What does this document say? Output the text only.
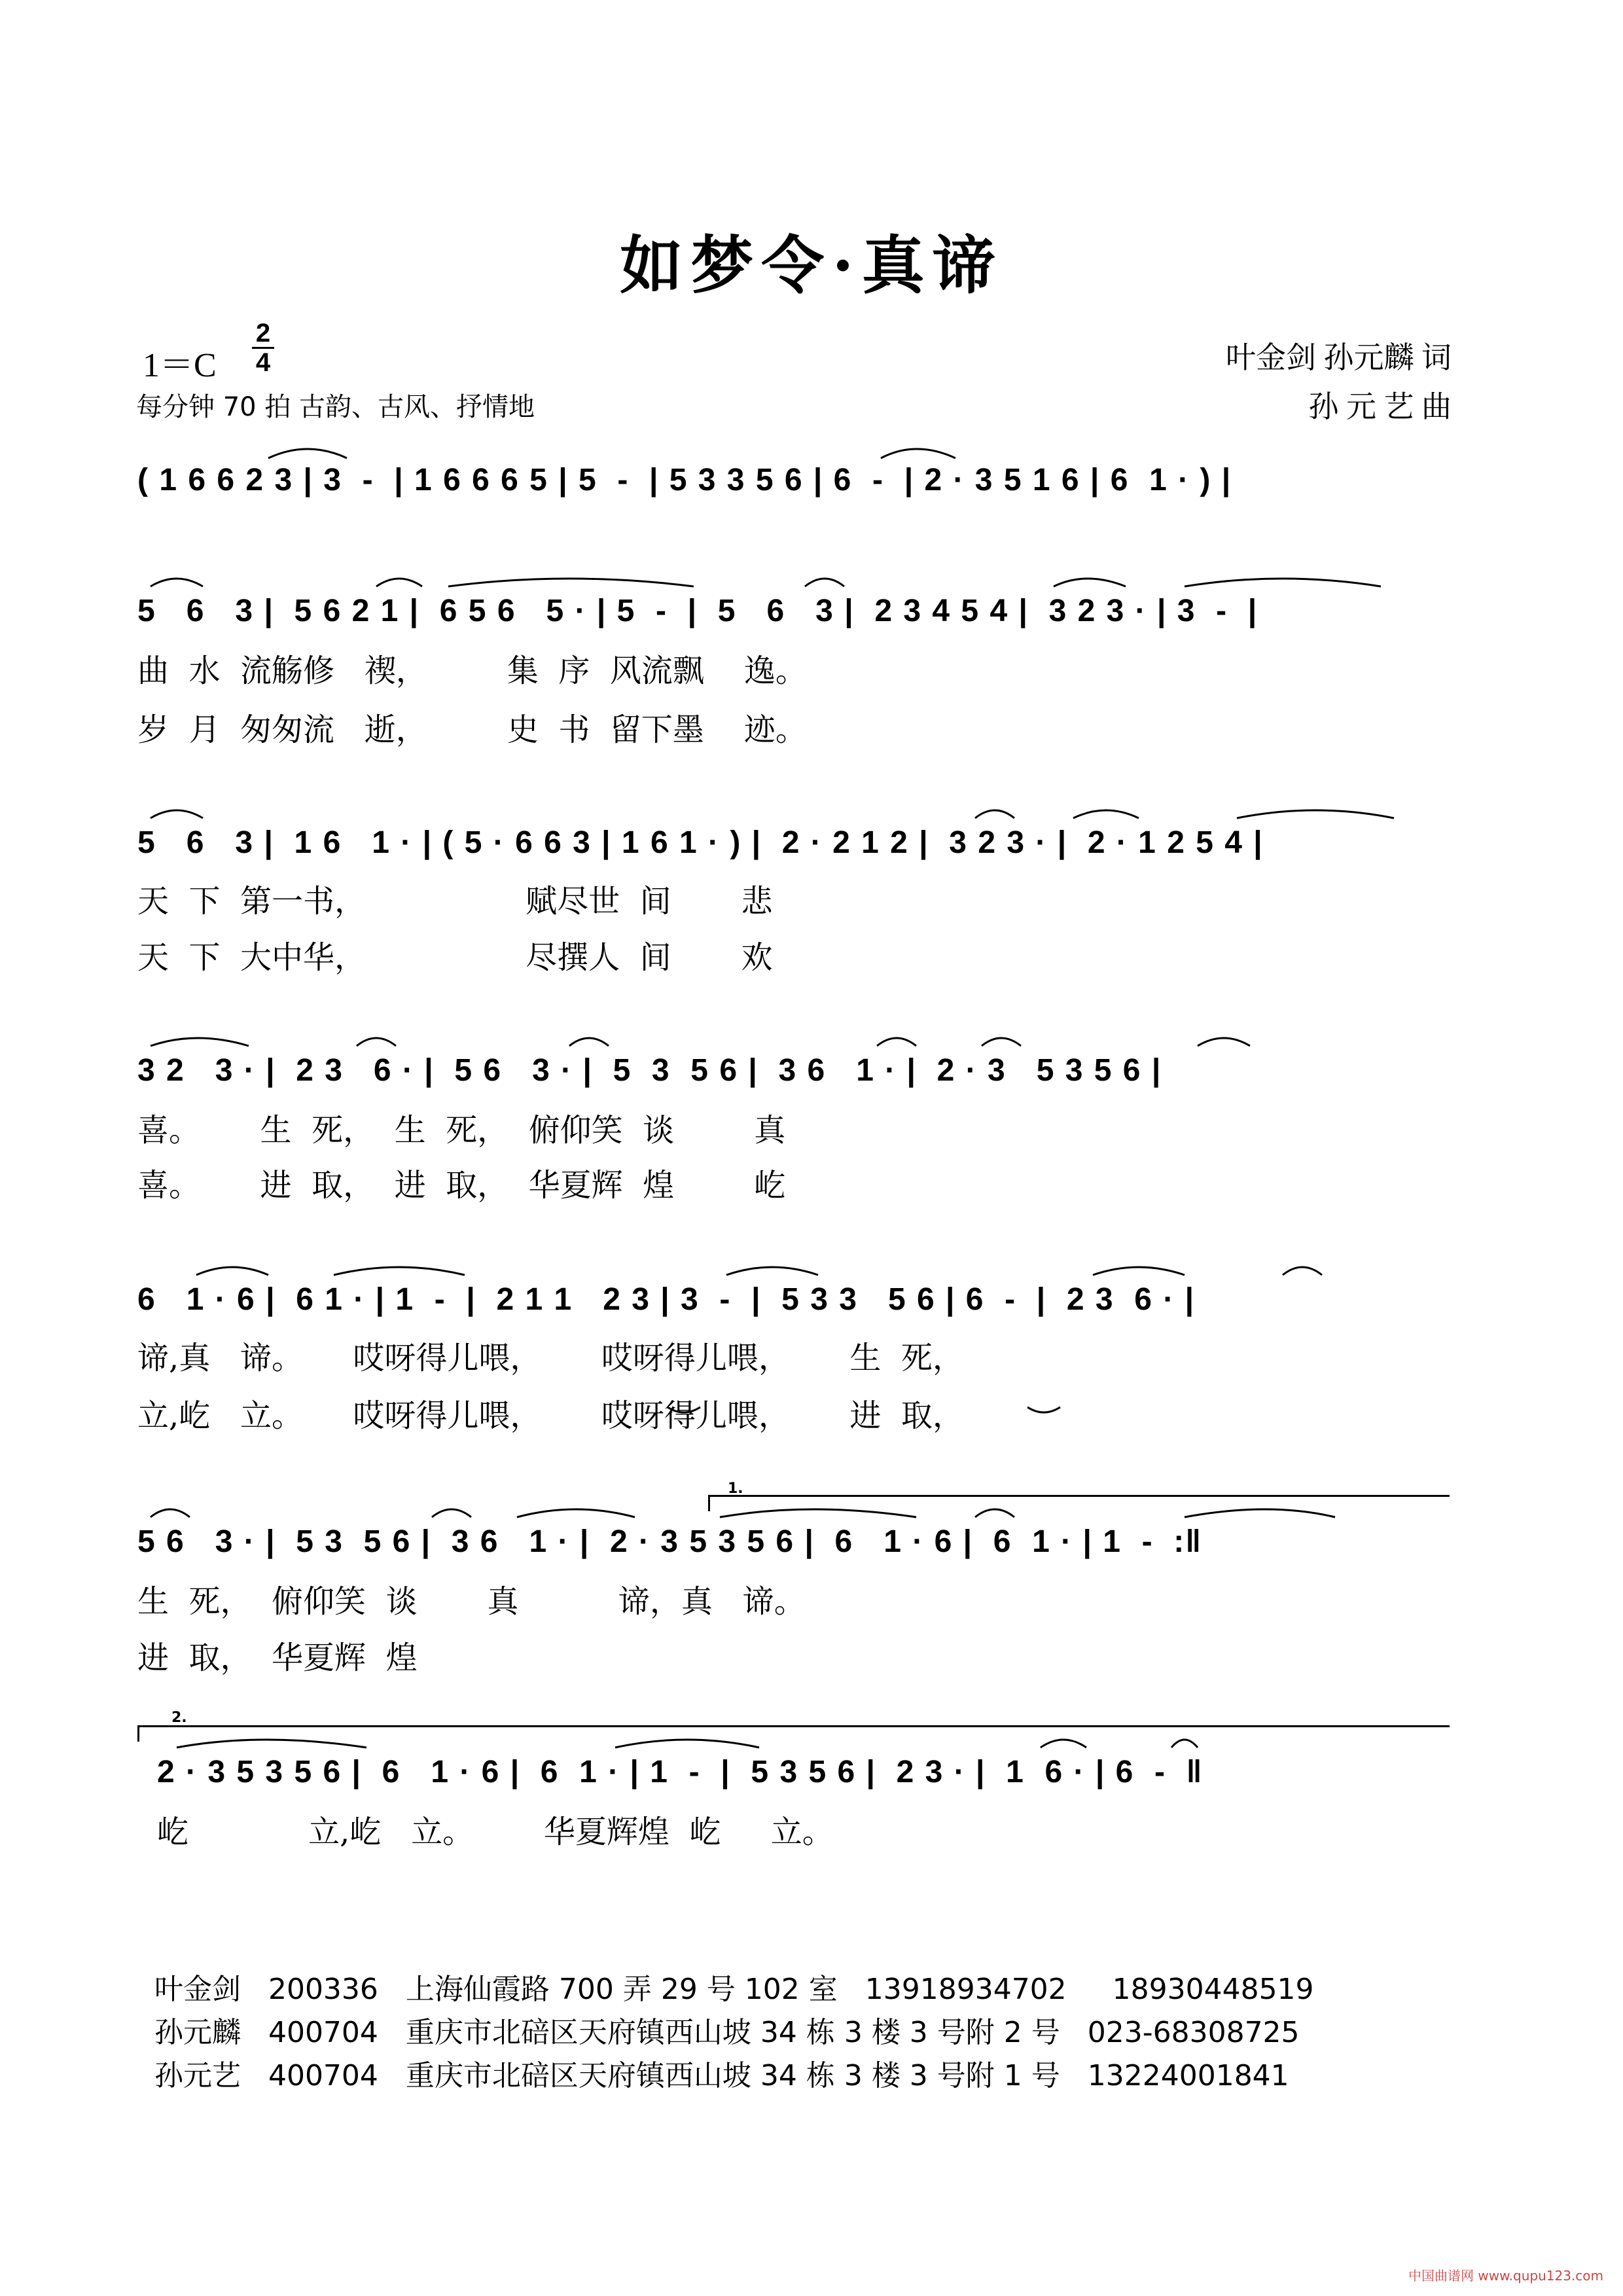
如梦令·真谛
$1=C \frac{2}{4}$
每分钟 70 拍 古韵、古风、抒情地
叶金剑 孙元麟 词
孙 元 艺 曲
( 1 6 6 2 3 | 3  -  | 1 6 6 6 5 | 5  -  | 5 3 3 5 6 | 6  -  | 2 · 3 5 1 6 | 6  1 · ) |
5   6   3 |  5 6 2 1 |  6 5 6   5 · | 5  -  |  5   6   3 |  2 3 4 5 4 |  3 2 3 · | 3  -  |
曲  水  流觞修   禊，        集  序  风流飘    逸。
岁  月  匆匆流   逝，        史  书  留下墨    迹。
5   6   3 |  1 6   1 · | ( 5 · 6 6 3 | 1 6 1 · ) |  2 · 2 1 2 |  3 2 3 · |  2 · 1 2 5 4 |
天  下  第一书，                赋尽世  间       悲
天  下  大中华，                尽撰人  间       欢
3 2   3 · |  2 3   6 · |  5 6   3 · |  5  3  5 6 |  3 6   1 · |  2 · 3   5 3 5 6 |
喜。      生  死，  生  死，  俯仰笑  谈        真
喜。      进  取，  进  取，  华夏辉  煌        屹
6   1 · 6 |  6 1 · | 1  -  |  2 1 1   2 3 | 3  -  |  5 3 3   5 6 | 6  -  |  2 3  6 · |
谛,真   谛。     哎呀得儿喂，      哎呀得儿喂，      生  死，
立,屹   立。     哎呀得儿喂，      哎呀得儿喂，      进  取，
1.
5 6   3 · |  5 3  5 6 |  3 6   1 · |  2 · 3 5 3 5 6 |  6   1 · 6 |  6  1 · | 1  -  :‖
生  死，  俯仰笑  谈       真          谛，真   谛。
进  取，  华夏辉  煌
2.
2 · 3 5 3 5 6 |  6   1 · 6 |  6  1 · | 1  -  |  5 3 5 6 |  2 3 · |  1  6 · | 6  -  ‖
屹            立,屹   立。       华夏辉煌  屹     立。

叶金剑 200336 上海仙霞路 700 弄 29 号 102 室 13918934702 18930448519

孙元麟 400704 重庆市北碚区天府镇西山坡 34 栋 3 楼 3 号附 2 号 023-68308725

孙元艺 400704 重庆市北碚区天府镇西山坡 34 栋 3 楼 3 号附 1 号 13224001841

中国曲谱网 www.qupu123.com
